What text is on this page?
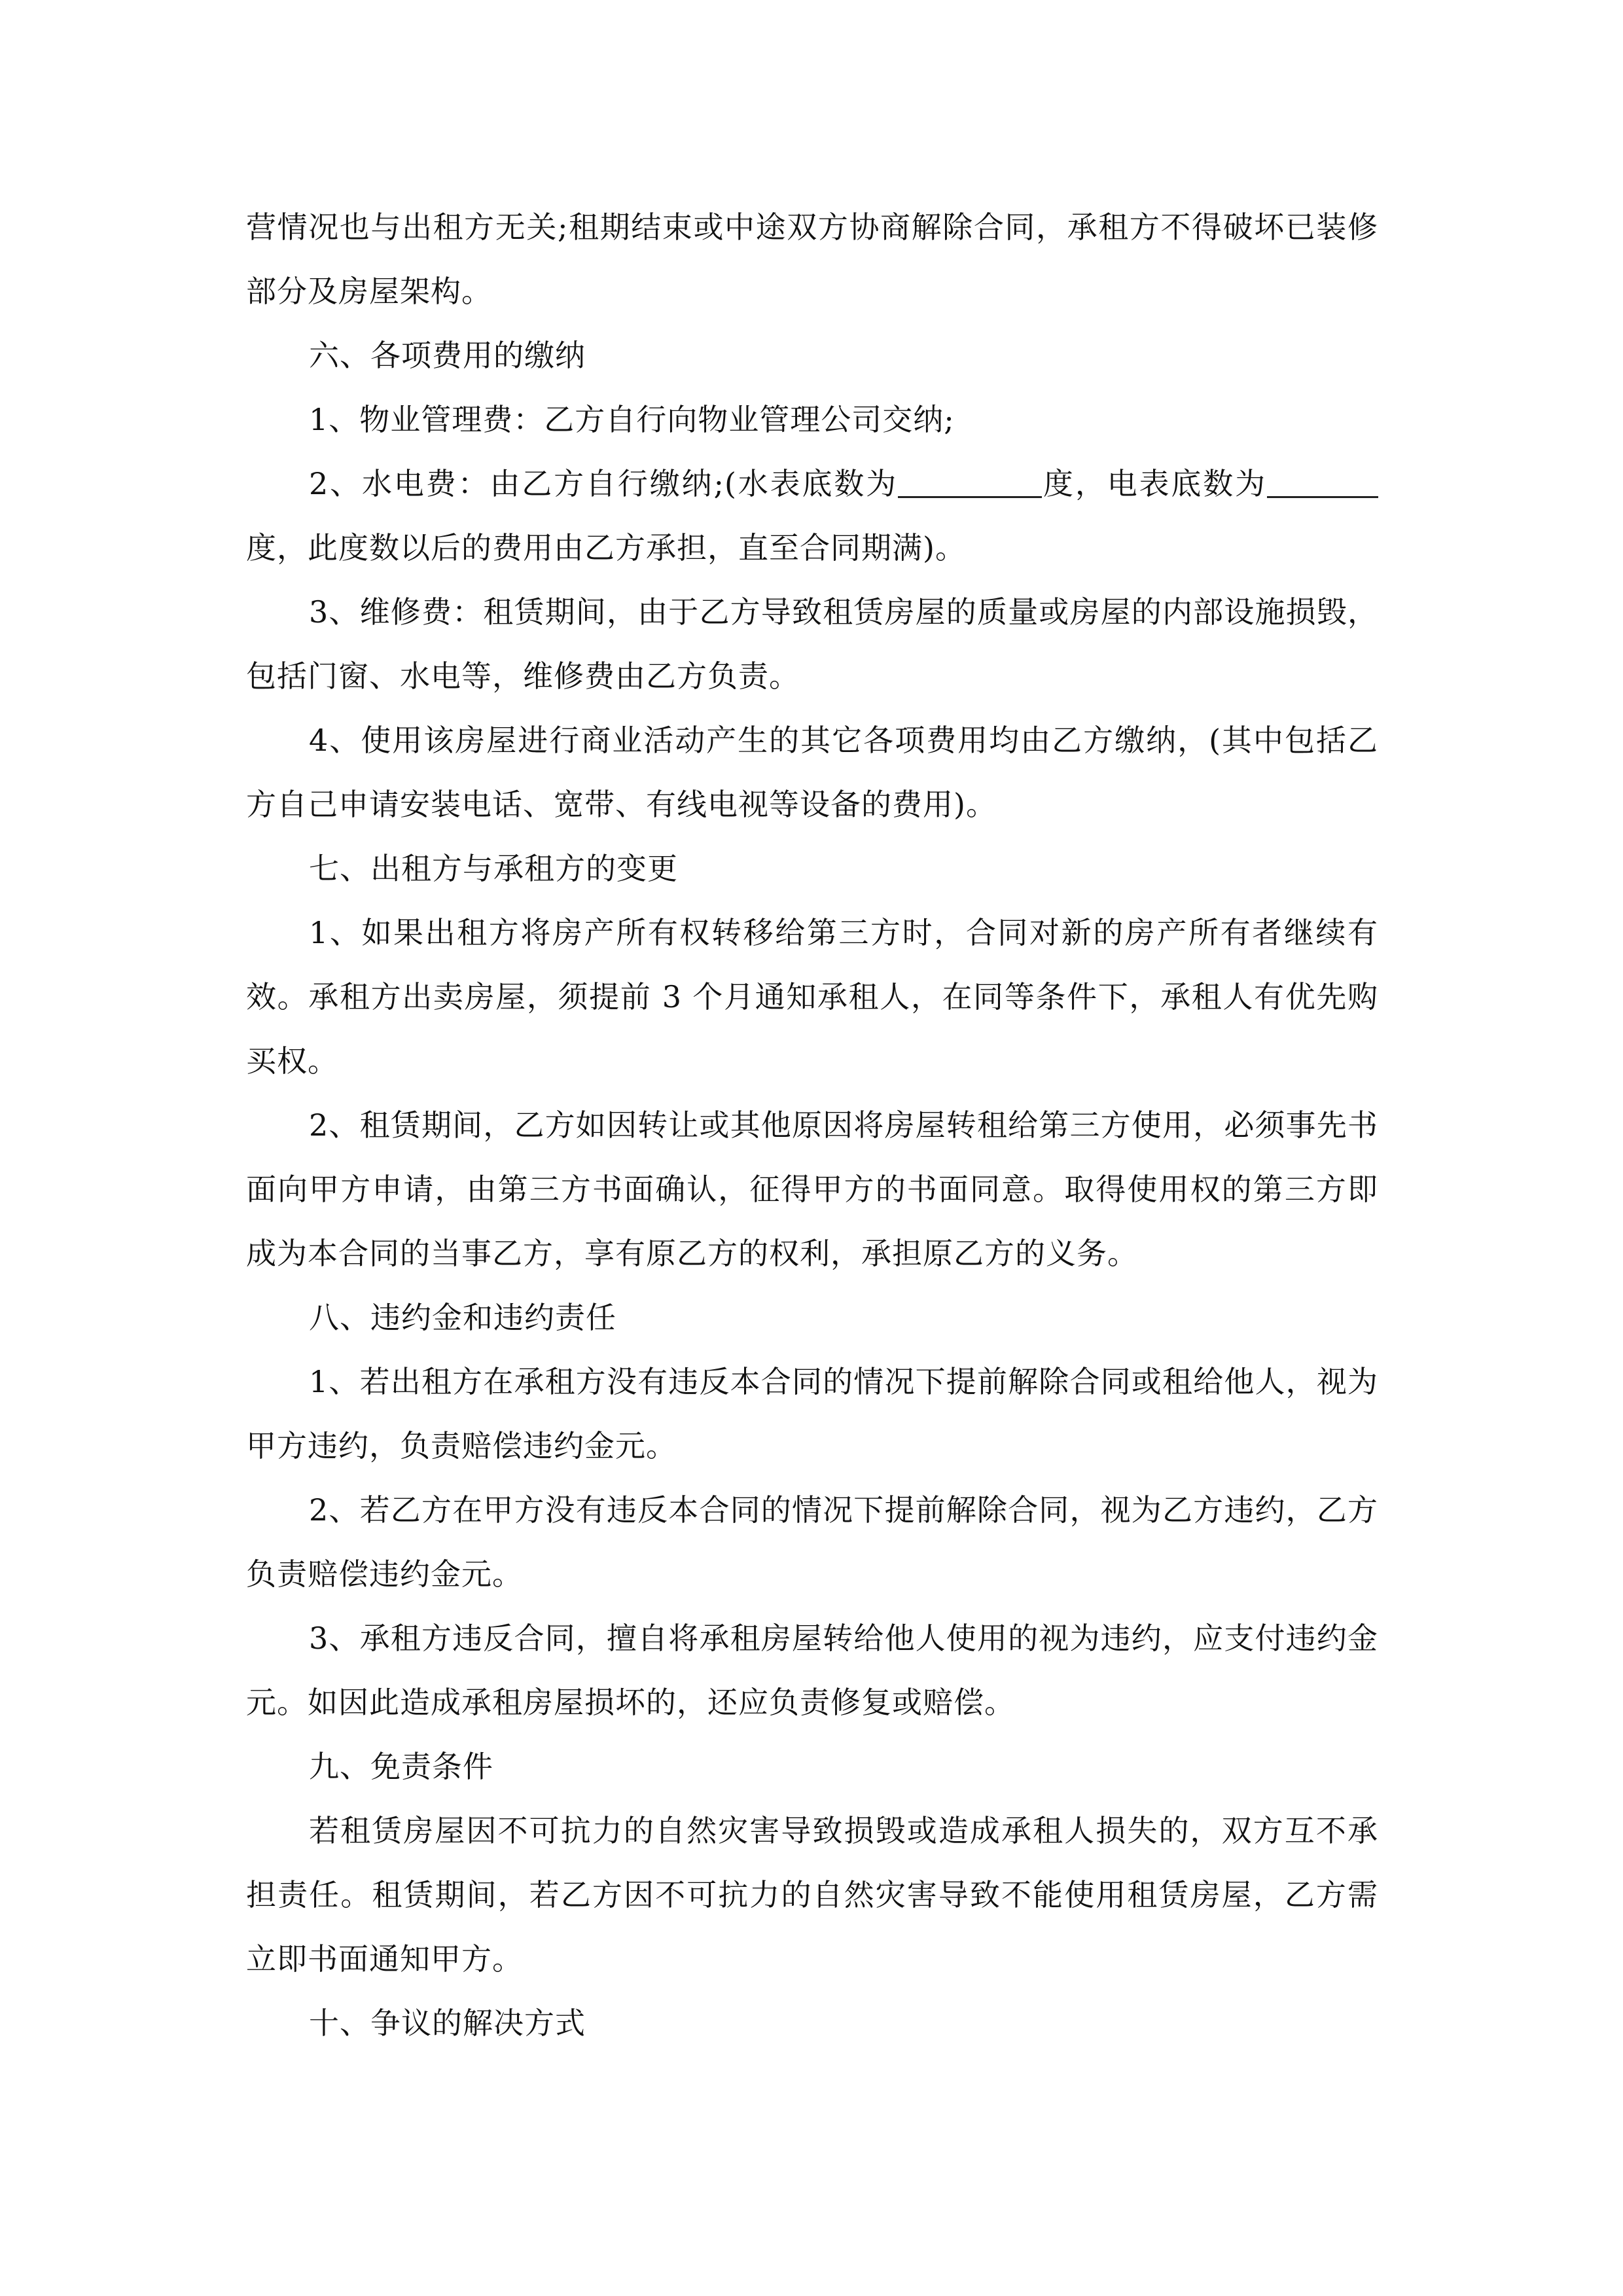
营情况也与出租方无关;租期结束或中途双方协商解除合同，承租方不得破坏已装修部分及房屋架构。

六、各项费用的缴纳

1、物业管理费：乙方自行向物业管理公司交纳;

2、水电费：由乙方自行缴纳;(水表底数为	度，电表底数为度，此度数以后的费用由乙方承担，直至合同期满)。

3、维修费：租赁期间，由于乙方导致租赁房屋的质量或房屋的内部设施损毁，包括门窗、水电等，维修费由乙方负责。

4、使用该房屋进行商业活动产生的其它各项费用均由乙方缴纳，(其中包括乙方自己申请安装电话、宽带、有线电视等设备的费用)。

七、出租方与承租方的变更

1、如果出租方将房产所有权转移给第三方时，合同对新的房产所有者继续有效。承租方出卖房屋，须提前 3 个月通知承租人，在同等条件下，承租人有优先购买权。

2、租赁期间，乙方如因转让或其他原因将房屋转租给第三方使用，必须事先书面向甲方申请，由第三方书面确认，征得甲方的书面同意。取得使用权的第三方即成为本合同的当事乙方，享有原乙方的权利，承担原乙方的义务。

八、违约金和违约责任

1、若出租方在承租方没有违反本合同的情况下提前解除合同或租给他人，视为甲方违约，负责赔偿违约金元。

2、若乙方在甲方没有违反本合同的情况下提前解除合同，视为乙方违约，乙方负责赔偿违约金元。

3、承租方违反合同，擅自将承租房屋转给他人使用的视为违约，应支付违约金元。如因此造成承租房屋损坏的，还应负责修复或赔偿。

九、免责条件

若租赁房屋因不可抗力的自然灾害导致损毁或造成承租人损失的，双方互不承担责任。租赁期间，若乙方因不可抗力的自然灾害导致不能使用租赁房屋，乙方需立即书面通知甲方。

十、争议的解决方式
